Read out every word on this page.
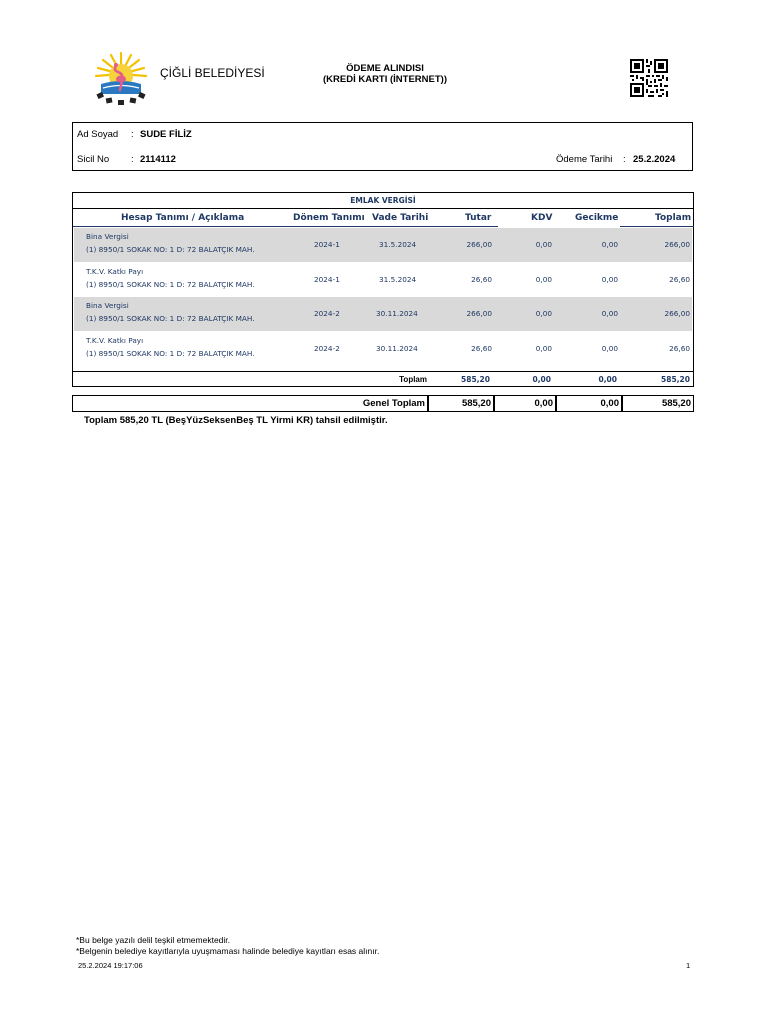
ÇİĞLİ BELEDİYESİ	ÖDEME ALINDISI
(KREDİ KARTI (İNTERNET))
Ad Soyad : SUDE FİLİZ
Sicil No : 2114112	Ödeme Tarihi : 25.2.2024
EMLAK VERGİSİ
Hesap Tanımı / Açıklama	Dönem Tanımı Vade Tarihi	Tutar	KDV	Gecikme	Toplam
Bina Vergisi
(1) 8950/1 SOKAK NO: 1 D: 72 BALATÇIK MAH.
2024-1	31.5.2024	266,00	0,00	0,00	266,00
T.K.V. Katkı Payı
(1) 8950/1 SOKAK NO: 1 D: 72 BALATÇIK MAH.
2024-1	31.5.2024	26,60	0,00	0,00	26,60
Bina Vergisi
(1) 8950/1 SOKAK NO: 1 D: 72 BALATÇIK MAH.
2024-2	30.11.2024	266,00	0,00	0,00	266,00
T.K.V. Katkı Payı
(1) 8950/1 SOKAK NO: 1 D: 72 BALATÇIK MAH.
2024-2	30.11.2024	26,60	0,00	0,00	26,60
Toplam	585,20	0,00	0,00	585,20
Genel Toplam	585,20	0,00	0,00	585,20
Toplam 585,20 TL (BeşYüzSeksenBeş TL Yirmi KR) tahsil edilmiştir.
*Bu belge yazılı delil teşkil etmemektedir.
*Belgenin belediye kayıtlarıyla uyuşmaması halinde belediye kayıtları esas alınır.
25.2.2024 19:17:06	1
